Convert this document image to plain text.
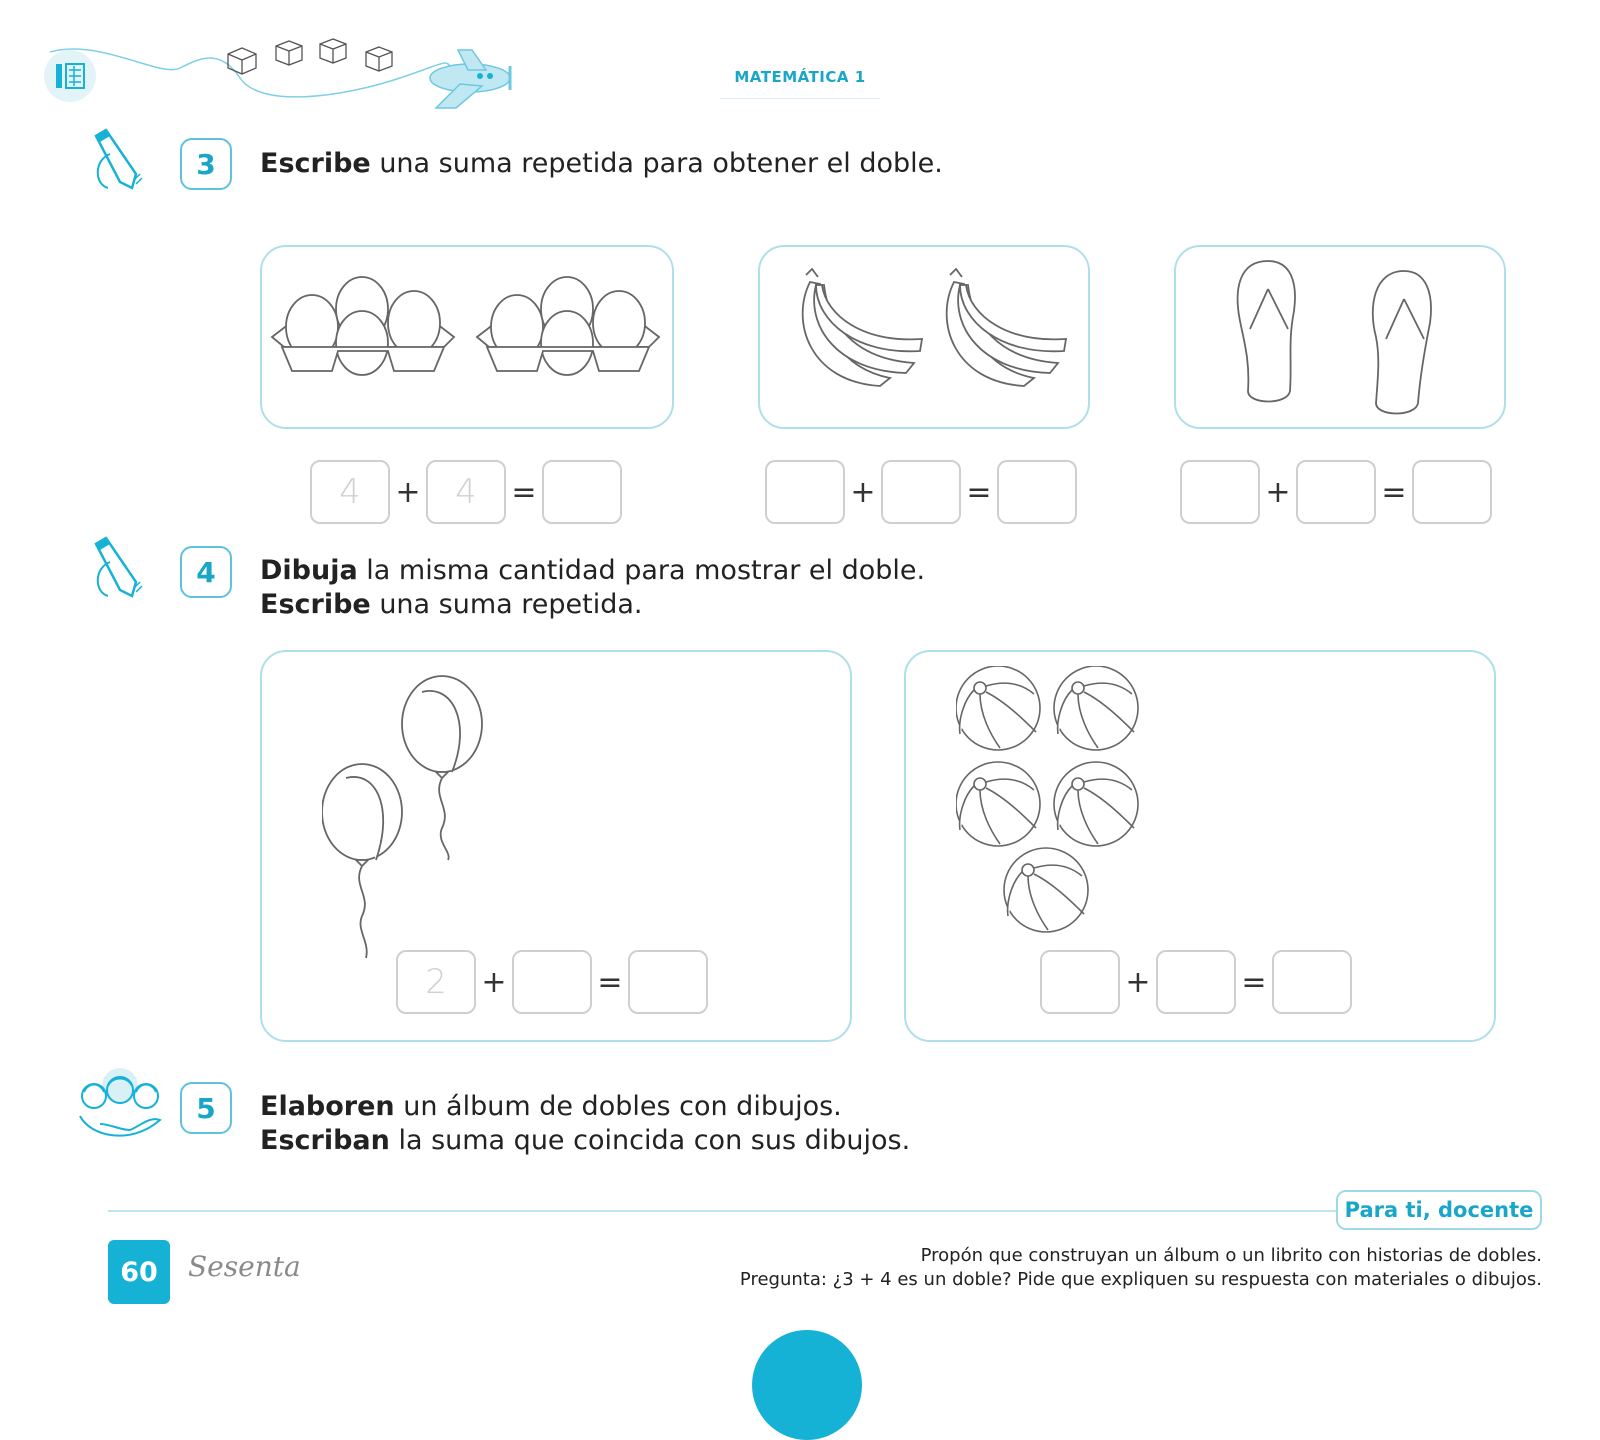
MATEMÁTICA 1
3	Escribe una suma repetida para obtener el doble.
4	+	4	=	+	=	+	=
4	Dibuja la misma cantidad para mostrar el doble.
Escribe una suma repetida.
2	+	=	+	=
5	Elaboren un álbum de dobles con dibujos.
Escriban la suma que coincida con sus dibujos.
Para ti, docente
60	Sesenta	Propón que construyan un álbum o un librito con historias de dobles.
Pregunta: ¿3 + 4 es un doble? Pide que expliquen su respuesta con materiales o dibujos.
